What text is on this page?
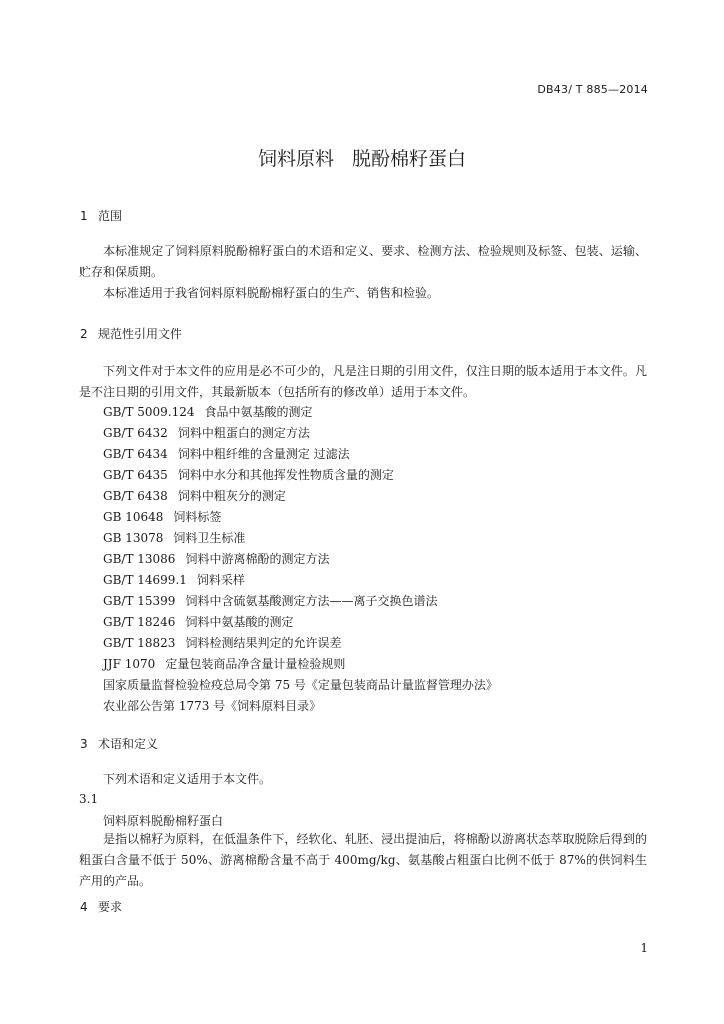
DB43/ T 885—2014
饲料原料   脱酚棉籽蛋白
1 范围
本标准规定了饲料原料脱酚棉籽蛋白的术语和定义、要求、检测方法、检验规则及标签、包装、运输、贮存和保质期。
本标准适用于我省饲料原料脱酚棉籽蛋白的生产、销售和检验。
2 规范性引用文件
下列文件对于本文件的应用是必不可少的，凡是注日期的引用文件，仅注日期的版本适用于本文件。凡是不注日期的引用文件，其最新版本（包括所有的修改单）适用于本文件。
GB/T 5009.124 食品中氨基酸的测定
GB/T 6432 饲料中粗蛋白的测定方法
GB/T 6434 饲料中粗纤维的含量测定 过滤法
GB/T 6435 饲料中水分和其他挥发性物质含量的测定
GB/T 6438 饲料中粗灰分的测定
GB 10648 饲料标签
GB 13078 饲料卫生标准
GB/T 13086 饲料中游离棉酚的测定方法
GB/T 14699.1 饲料采样
GB/T 15399 饲料中含硫氨基酸测定方法——离子交换色谱法
GB/T 18246 饲料中氨基酸的测定
GB/T 18823 饲料检测结果判定的允许误差
JJF 1070 定量包装商品净含量计量检验规则
国家质量监督检验检疫总局令第 75 号《定量包装商品计量监督管理办法》
农业部公告第 1773 号《饲料原料目录》
3 术语和定义
下列术语和定义适用于本文件。
3.1
饲料原料脱酚棉籽蛋白
是指以棉籽为原料，在低温条件下，经软化、轧胚、浸出提油后，将棉酚以游离状态萃取脱除后得到的粗蛋白含量不低于 50%、游离棉酚含量不高于 400mg/kg、氨基酸占粗蛋白比例不低于 87%的供饲料生产用的产品。
4 要求
1
